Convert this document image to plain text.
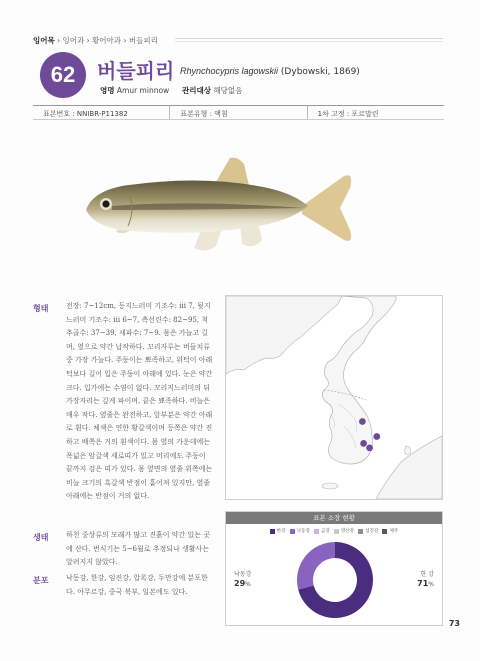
잉어목 › 잉어과 › 황어아과 › 버들피리
62	버들피리 Rhynchocypris lagowskii (Dybowski, 1869)
영명 Amur minnow 관리대상 해당없음
표본번호 : NNIBR-P11382	표본유형 : 액침	1차 고정 : 포르말린
형태	전장: 7~12cm, 등지느러미 기조수: iii 7, 뒷지느러미 기조수: iii 6~7, 측선린수: 82~95, 척추골수: 37~39, 새파수: 7~9. 몸은 가늘고 길며, 옆으로 약간 납작하다. 꼬리자루는 버들치류 중 가장 가늘다. 주둥이는 뾰족하고, 위턱이 아래턱보다 길어 입은 주둥이 아래에 있다. 눈은 약간 크다. 입가에는 수염이 없다. 꼬리지느러미의 뒤가장자리는 깊게 파이며, 끝은 뾰족하다. 비늘은 매우 작다. 옆줄은 완전하고, 앞부분은 약간 아래로 휜다. 체색은 연한 황갈색이며 등쪽은 약간 진하고 배쪽은 거의 흰색이다. 몸 옆의 가운데에는 폭넓은 암갈색 세로띠가 있고 머리에도 주둥이 끝까지 검은 띠가 있다. 몸 옆면의 옆줄 위쪽에는 비늘 크기의 흑갈색 반점이 흩어져 있지만, 옆줄 아래에는 반점이 거의 없다.
생태	하천 중상류의 모래가 많고 진흙이 약간 있는 곳에 산다. 번식기는 5~6월로 추정되나 생활사는 알려지지 않았다.
분포	낙동강, 한강, 임진강, 압록강, 두만강에 분포한다. 아무르강, 중국 북부, 일본에도 있다.
표본 소장 현황
한강 낙동강 금강 영산강 섬진강 제주
낙동강
29%
한 강
71%
73
